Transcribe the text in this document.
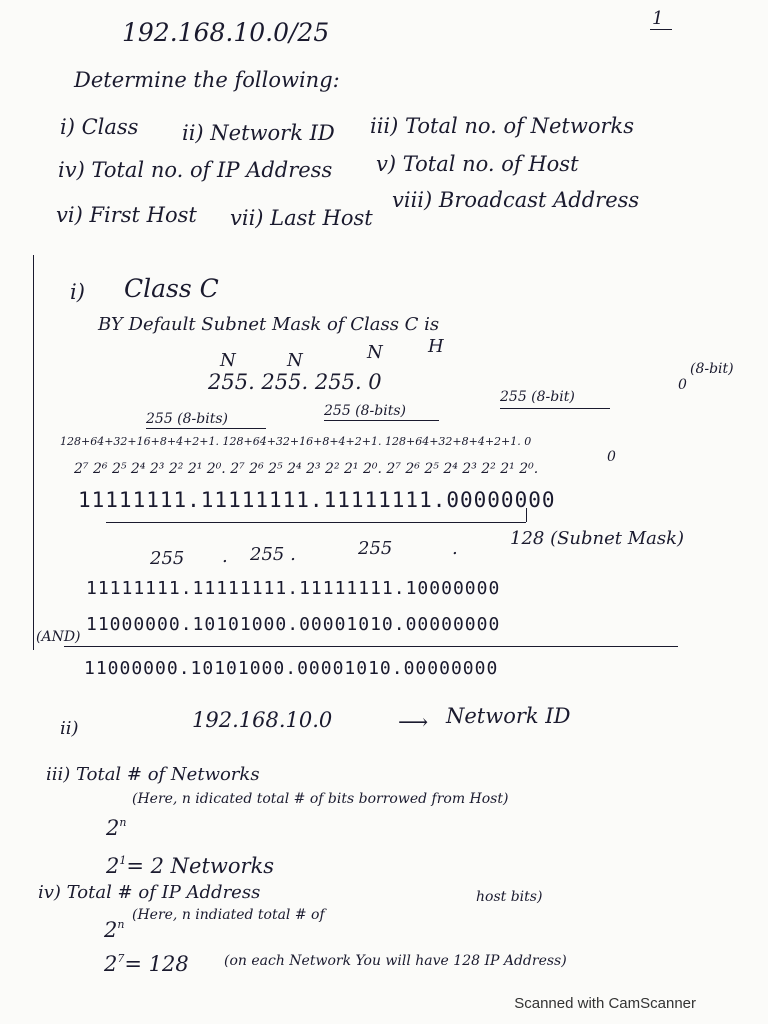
1
192.168.10.0/25
Determine the following:
i) Class ii) Network ID iii) Total no. of Networks
iv) Total no. of IP Address v) Total no. of Host
vi) First Host vii) Last Host
viii) Broadcast Address
i) Class C
BY Default Subnet Mask of Class C is
N	N	N	H
255. 255. 255. 0
(8-bit)
255 (8-bits)	255 (8-bits)
255 (8-bit)
0
128+64+32+16+8+4+2+1. 128+64+32+16+8+4+2+1. 128+64+32+8+4+2+1. 0
2⁷ 2⁶ 2⁵ 2⁴ 2³ 2² 2¹ 2⁰. 2⁷ 2⁶ 2⁵ 2⁴ 2³ 2² 2¹ 2⁰. 2⁷ 2⁶ 2⁵ 2⁴ 2³ 2² 2¹ 2⁰.
0
11111111.11111111.11111111.00000000
255 . 255 .	255	.	128 (Subnet Mask)
11111111.11111111.11111111.10000000
(AND)
11000000.10101000.00001010.00000000
11000000.10101000.00001010.00000000
ii)	192.168.10.0	⟶ Network ID
iii) Total # of Networks
2$^n$
(Here, n idicated total # of bits borrowed from Host)
$2^1= 2$ Networks
iv) Total # of IP Address
2$^n$
(Here, n indiated total # of
host bits)
$2^7= 128$	(on each Network You will have 128 IP Address)
Scanned with CamScanner
